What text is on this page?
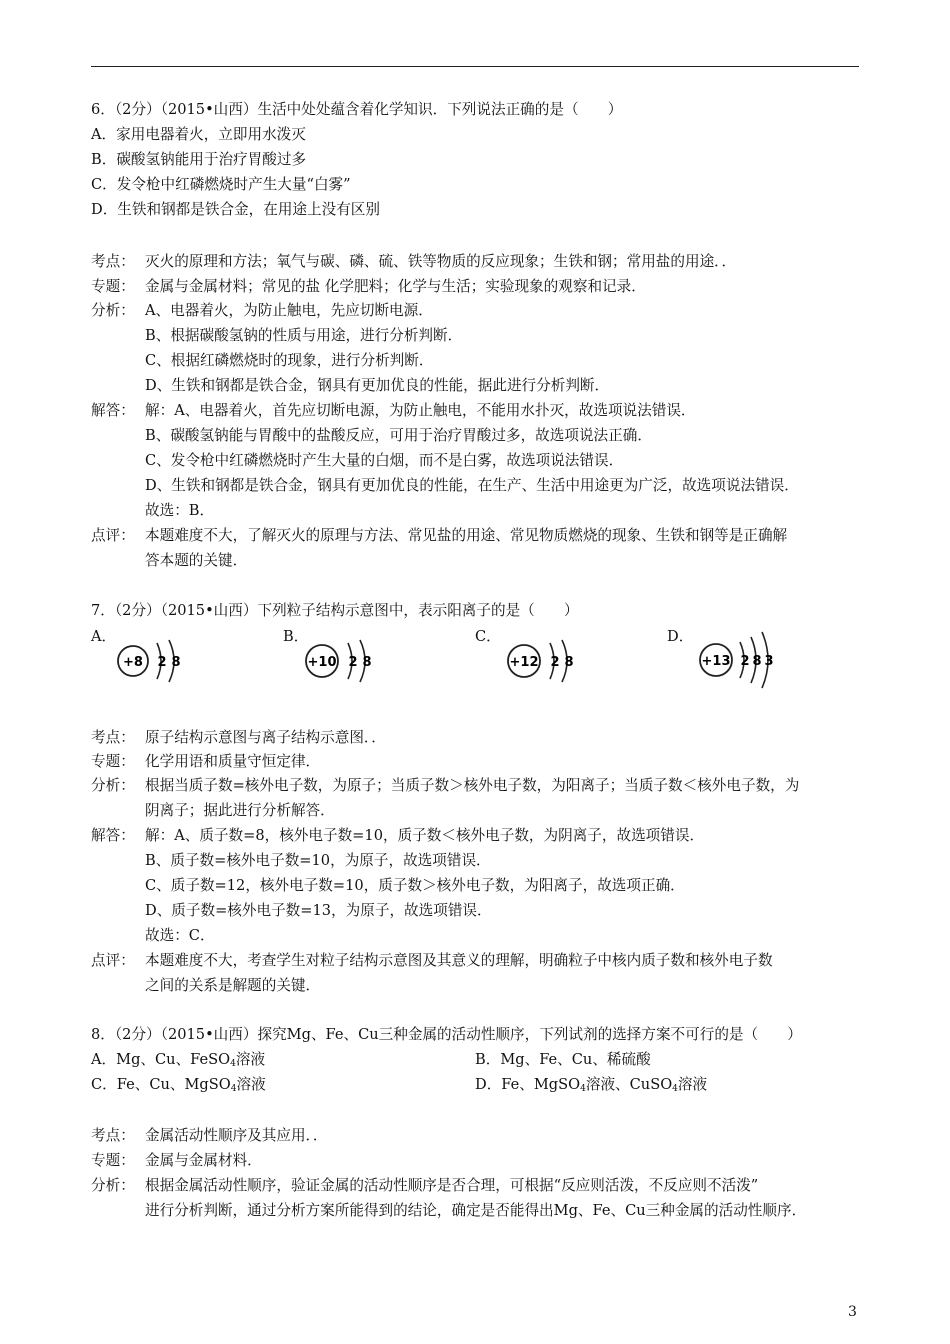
6．（2分）（2015•山西）生活中处处蕴含着化学知识．下列说法正确的是（　　）
A．家用电器着火，立即用水泼灭
B．碳酸氢钠能用于治疗胃酸过多
C．发令枪中红磷燃烧时产生大量“白雾”
D．生铁和钢都是铁合金，在用途上没有区别
考点： 灭火的原理和方法；氧气与碳、磷、硫、铁等物质的反应现象；生铁和钢；常用盐的用途．．
专题： 金属与金属材料；常见的盐 化学肥料；化学与生活；实验现象的观察和记录．
分析： A、电器着火，为防止触电，先应切断电源．
B、根据碳酸氢钠的性质与用途，进行分析判断．
C、根据红磷燃烧时的现象，进行分析判断．
D、生铁和钢都是铁合金，钢具有更加优良的性能，据此进行分析判断．
解答： 解：A、电器着火，首先应切断电源，为防止触电，不能用水扑灭，故选项说法错误．
B、碳酸氢钠能与胃酸中的盐酸反应，可用于治疗胃酸过多，故选项说法正确．
C、发令枪中红磷燃烧时产生大量的白烟，而不是白雾，故选项说法错误．
D、生铁和钢都是铁合金，钢具有更加优良的性能，在生产、生活中用途更为广泛，故选项说法错误．
故选：B．
点评： 本题难度不大，了解灭火的原理与方法、常见盐的用途、常见物质燃烧的现象、生铁和钢等是正确解
答本题的关键．
7．（2分）（2015•山西）下列粒子结构示意图中，表示阳离子的是（　　）
A．
+8 2 8
B．
+10 2 8
C．
+12 2 8
D．
+13 2 8 3
考点： 原子结构示意图与离子结构示意图．．
专题： 化学用语和质量守恒定律．
分析： 根据当质子数=核外电子数，为原子；当质子数＞核外电子数，为阳离子；当质子数＜核外电子数，为
阴离子；据此进行分析解答．
解答： 解：A、质子数=8，核外电子数=10，质子数＜核外电子数，为阴离子，故选项错误．
B、质子数=核外电子数=10，为原子，故选项错误．
C、质子数=12，核外电子数=10，质子数＞核外电子数，为阳离子，故选项正确．
D、质子数=核外电子数=13，为原子，故选项错误．
故选：C．
点评： 本题难度不大，考查学生对粒子结构示意图及其意义的理解，明确粒子中核内质子数和核外电子数
之间的关系是解题的关键．
8．（2分）（2015•山西）探究Mg、Fe、Cu三种金属的活动性顺序，下列试剂的选择方案不可行的是（　　）
A．Mg、Cu、FeSO$_4$溶液	B．Mg、Fe、Cu、稀硫酸
C．Fe、Cu、MgSO$_4$溶液	D．Fe、MgSO$_4$溶液、CuSO$_4$溶液
考点： 金属活动性顺序及其应用．．
专题： 金属与金属材料．
分析： 根据金属活动性顺序，验证金属的活动性顺序是否合理，可根据“反应则活泼，不反应则不活泼”
进行分析判断，通过分析方案所能得到的结论，确定是否能得出Mg、Fe、Cu三种金属的活动性顺序．
3
